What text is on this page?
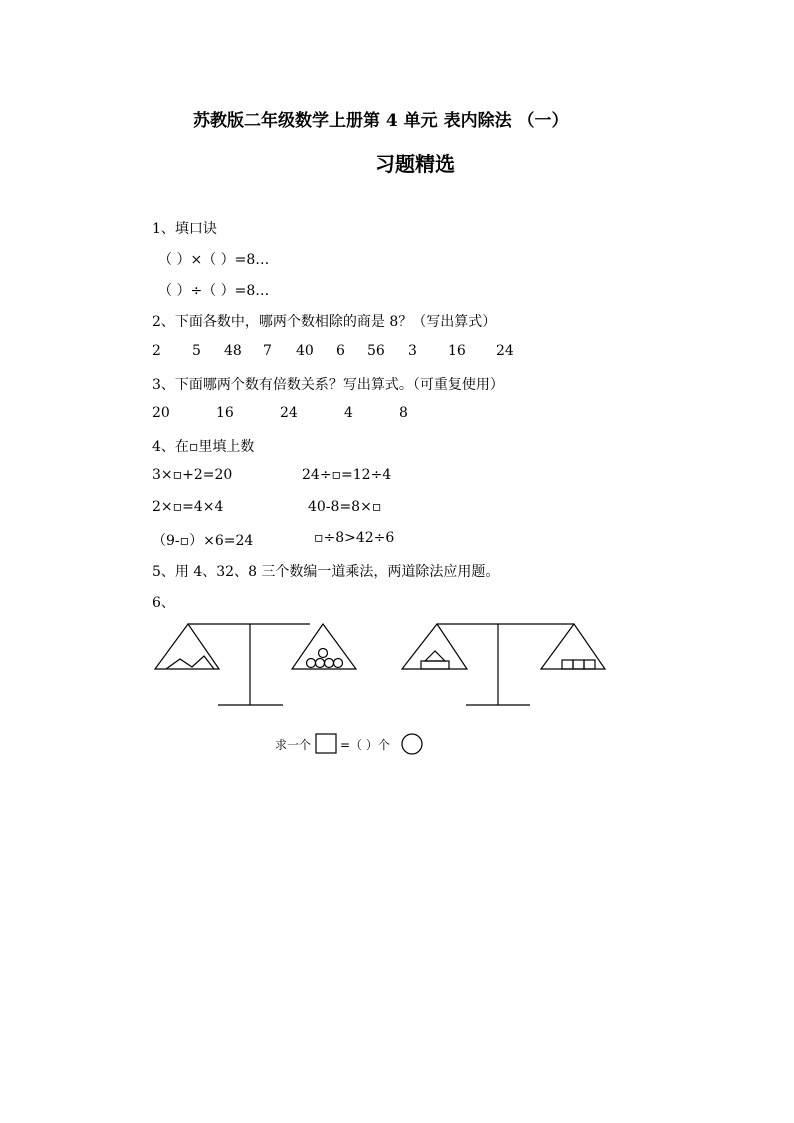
苏教版二年级数学上册第 4 单元 表内除法 （一）
习题精选
1、填口诀
（ ）×（ ）=8…
（ ）÷（ ）=8…
2、下面各数中，哪两个数相除的商是 8？（写出算式）
2 5 48 7 40 6 56 3 16 24
3、下面哪两个数有倍数关系？写出算式。（可重复使用）
20	16	24	4	8
4、在▫里填上数
3×▫+2=20	24÷▫=12÷4
2×▫=4×4	40-8=8×▫
（9-▫）×6=24	▫÷8>42÷6
5、用 4、32、8 三个数编一道乘法，两道除法应用题。
6、
求一个 =（ ）个
